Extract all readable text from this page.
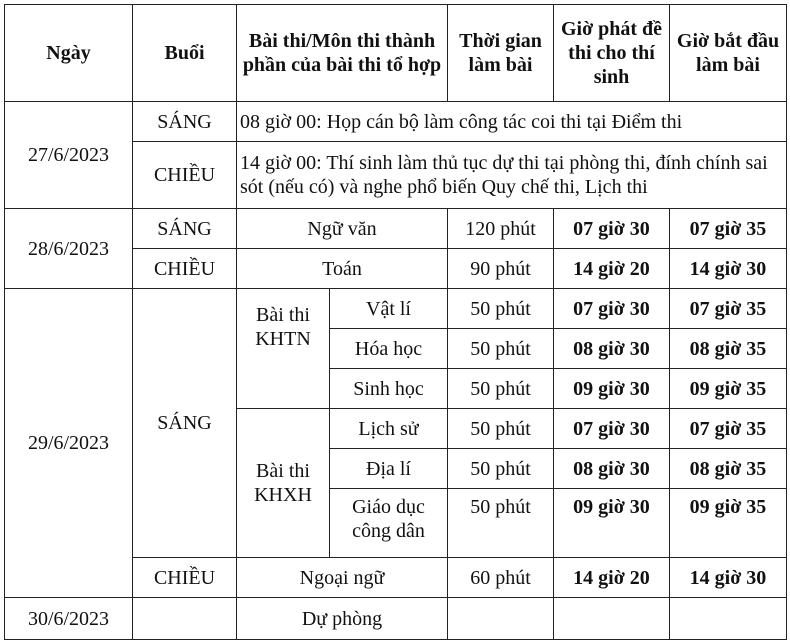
Ngày	Buổi	Bài thi/Môn thi thành phần của bài thi tổ hợp		Thời gian làm bài	Giờ phát đề thi cho thí sinh	Giờ bắt đầu làm bài
27/6/2023	SÁNG	08 giờ 00: Họp cán bộ làm công tác coi thi tại Điểm thi				
	CHIỀU	14 giờ 00: Thí sinh làm thủ tục dự thi tại phòng thi, đính chính sai sót (nếu có) và nghe phổ biến Quy chế thi, Lịch thi				
28/6/2023	SÁNG	Ngữ văn		120 phút	07 giờ 30	07 giờ 35
	CHIỀU	Toán		90 phút	14 giờ 20	14 giờ 30
29/6/2023	SÁNG	Bài thi KHTN	Vật lí	50 phút	07 giờ 30	07 giờ 35
			Hóa học	50 phút	08 giờ 30	08 giờ 35
			Sinh học	50 phút	09 giờ 30	09 giờ 35
		Bài thi KHXH	Lịch sử	50 phút	07 giờ 30	07 giờ 35
			Địa lí	50 phút	08 giờ 30	08 giờ 35
			Giáo dục công dân	50 phút	09 giờ 30	09 giờ 35
	CHIỀU	Ngoại ngữ		60 phút	14 giờ 20	14 giờ 30
30/6/2023		Dự phòng				
